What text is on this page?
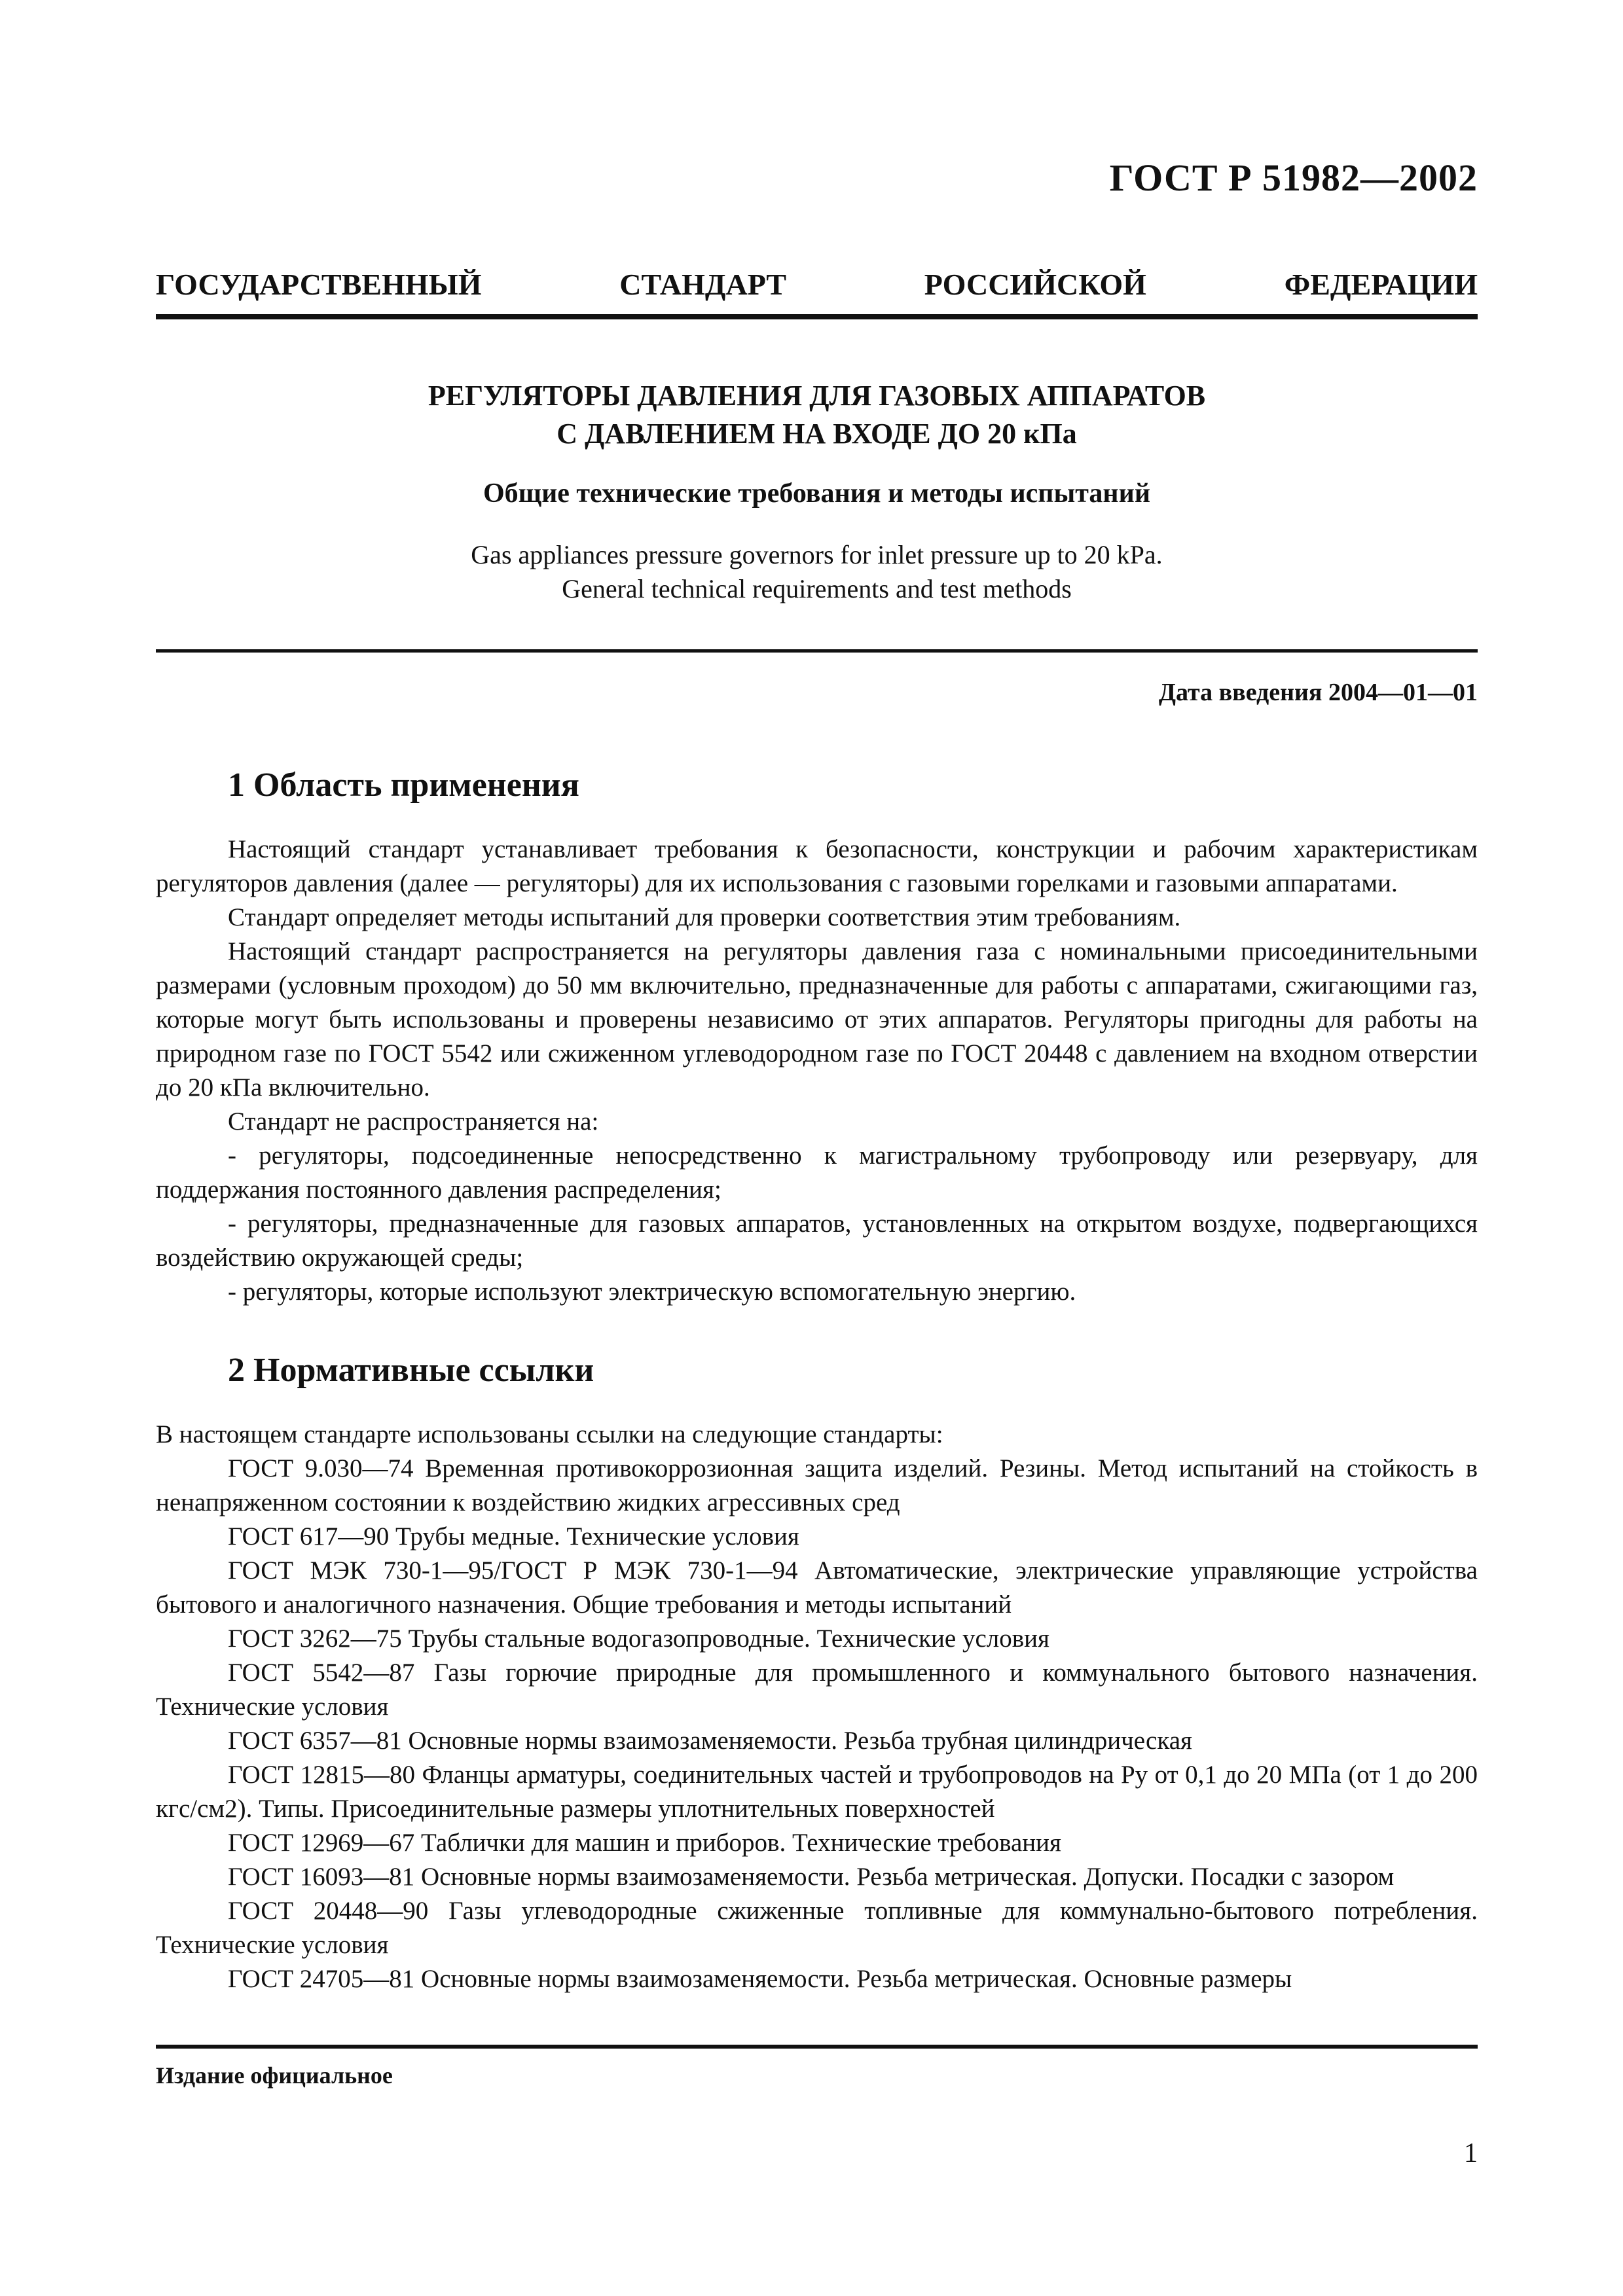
ГОСТ Р 51982—2002
ГОСУДАРСТВЕННЫЙ	СТАНДАРТ	РОССИЙСКОЙ	ФЕДЕРАЦИИ
РЕГУЛЯТОРЫ ДАВЛЕНИЯ ДЛЯ ГАЗОВЫХ АППАРАТОВ
С ДАВЛЕНИЕМ НА ВХОДЕ ДО 20 кПа
Общие технические требования и методы испытаний
Gas appliances pressure governors for inlet pressure up to 20 kPa.
General technical requirements and test methods
Дата введения 2004—01—01
1 Область применения

Настоящий стандарт устанавливает требования к безопасности, конструкции и рабочим характеристикам регуляторов давления (далее — регуляторы) для их использования с газовыми горелками и газовыми аппаратами.

Стандарт определяет методы испытаний для проверки соответствия этим требованиям.

Настоящий стандарт распространяется на регуляторы давления газа с номинальными присоединительными размерами (условным проходом) до 50 мм включительно, предназначенные для работы с аппаратами, сжигающими газ, которые могут быть использованы и проверены независимо от этих аппаратов. Регуляторы пригодны для работы на природном газе по ГОСТ 5542 или сжиженном углеводородном газе по ГОСТ 20448 с давлением на входном отверстии до 20 кПа включительно.

Стандарт не распространяется на:

- регуляторы, подсоединенные непосредственно к магистральному трубопроводу или резервуару, для поддержания постоянного давления распределения;

- регуляторы, предназначенные для газовых аппаратов, установленных на открытом воздухе, подвергающихся воздействию окружающей среды;

- регуляторы, которые используют электрическую вспомогательную энергию.

2 Нормативные ссылки

В настоящем стандарте использованы ссылки на следующие стандарты:

ГОСТ 9.030—74 Временная противокоррозионная защита изделий. Резины. Метод испытаний на стойкость в ненапряженном состоянии к воздействию жидких агрессивных сред

ГОСТ 617—90 Трубы медные. Технические условия

ГОСТ МЭК 730-1—95/ГОСТ Р МЭК 730-1—94 Автоматические, электрические управляющие устройства бытового и аналогичного назначения. Общие требования и методы испытаний

ГОСТ 3262—75 Трубы стальные водогазопроводные. Технические условия

ГОСТ 5542—87 Газы горючие природные для промышленного и коммунального бытового назначения. Технические условия

ГОСТ 6357—81 Основные нормы взаимозаменяемости. Резьба трубная цилиндрическая

ГОСТ 12815—80 Фланцы арматуры, соединительных частей и трубопроводов на Py от 0,1 до 20 МПа (от 1 до 200 кгс/см2). Типы. Присоединительные размеры уплотнительных поверхностей

ГОСТ 12969—67 Таблички для машин и приборов. Технические требования

ГОСТ 16093—81 Основные нормы взаимозаменяемости. Резьба метрическая. Допуски. Посадки с зазором

ГОСТ 20448—90 Газы углеводородные сжиженные топливные для коммунально-бытового потребления. Технические условия

ГОСТ 24705—81 Основные нормы взаимозаменяемости. Резьба метрическая. Основные размеры

Издание официальное
1
